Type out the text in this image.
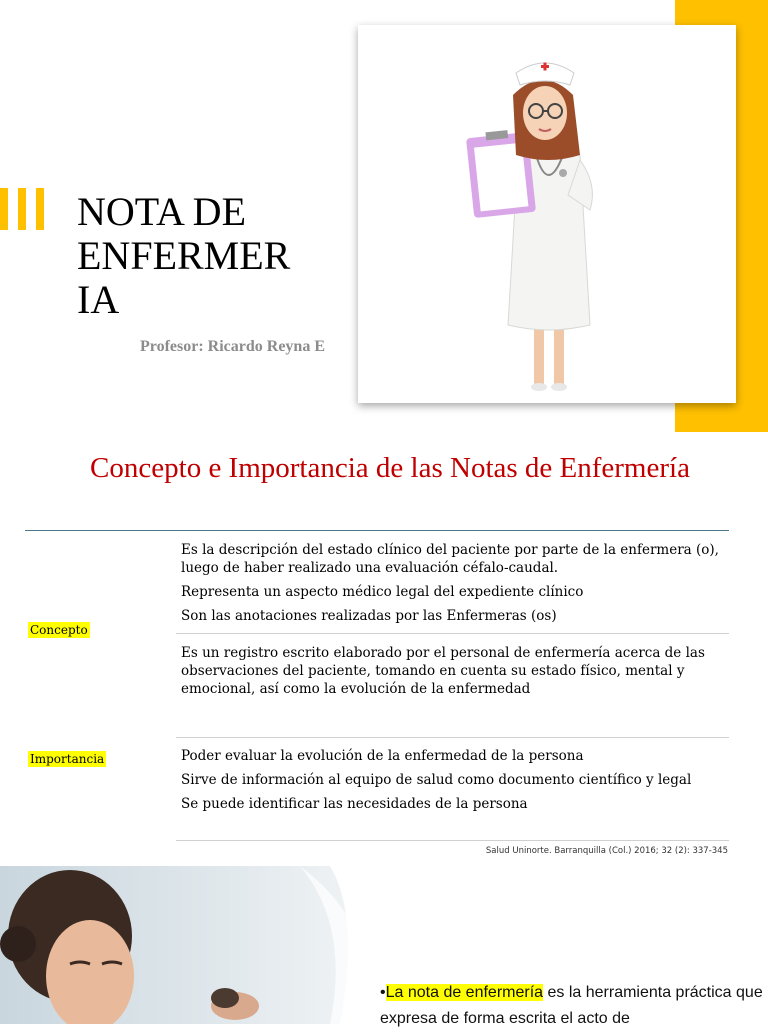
NOTA DE
ENFERMER
IA
Profesor: Ricardo Reyna E
Concepto e Importancia de las Notas de Enfermería

Es la descripción del estado clínico del paciente por parte de la enfermera (o), luego de haber realizado una evaluación céfalo-caudal.

Representa un aspecto médico legal del expediente clínico

Son las anotaciones realizadas por las Enfermeras (os)

Concepto
Es un registro escrito elaborado por el personal de enfermería acerca de las observaciones del paciente, tomando en cuenta su estado físico, mental y emocional, así como la evolución de la enfermedad
Importancia	Poder evaluar la evolución de la enfermedad de la persona

Sirve de información al equipo de salud como documento científico y legal

Se puede identificar las necesidades de la persona

Salud Uninorte. Barranquilla (Col.) 2016; 32 (2): 337-345
•La nota de enfermería es la herramienta práctica que expresa de forma escrita el acto de
